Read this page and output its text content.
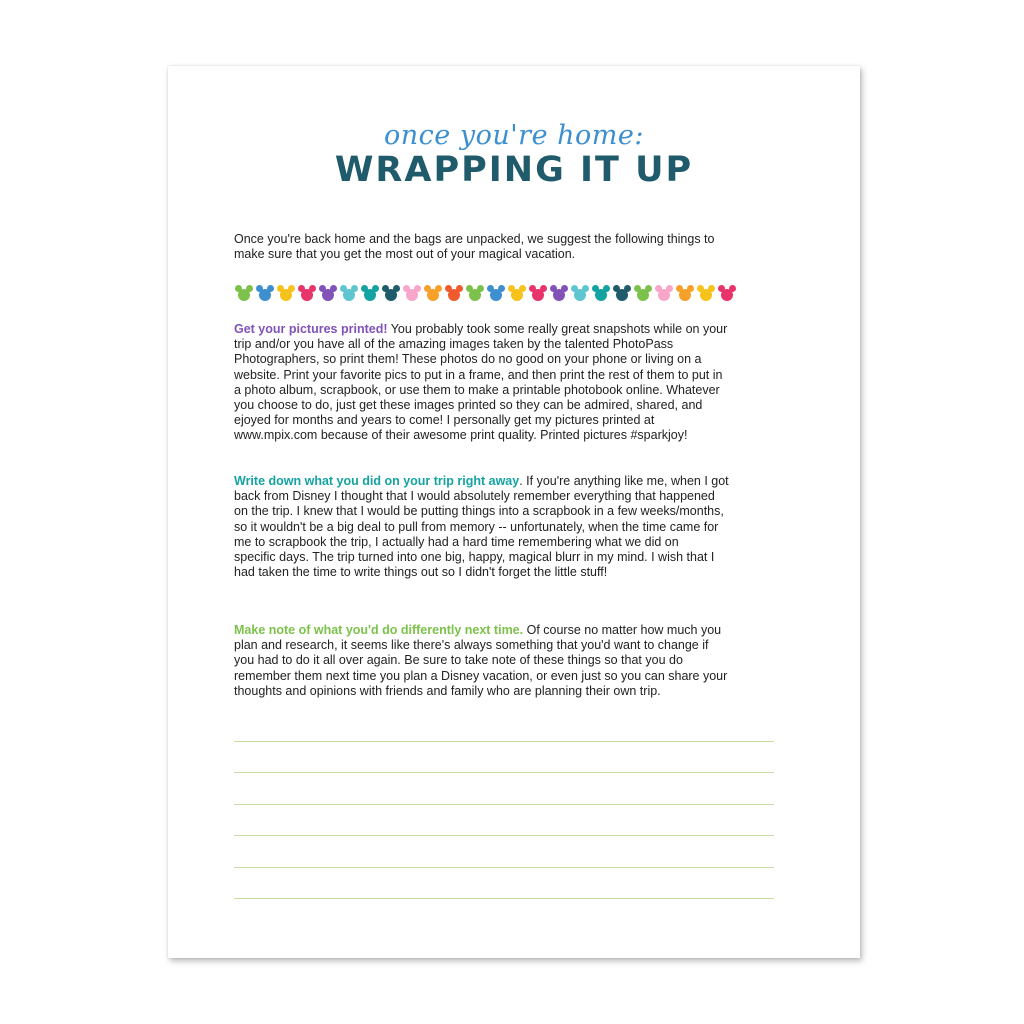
once you're home:
WRAPPING IT UP
Once you're back home and the bags are unpacked, we suggest the following things to
make sure that you get the most out of your magical vacation.
Get your pictures printed! You probably took some really great snapshots while on your
trip and/or you have all of the amazing images taken by the talented PhotoPass
Photographers, so print them! These photos do no good on your phone or living on a
website. Print your favorite pics to put in a frame, and then print the rest of them to put in
a photo album, scrapbook, or use them to make a printable photobook online. Whatever
you choose to do, just get these images printed so they can be admired, shared, and
ejoyed for months and years to come! I personally get my pictures printed at
www.mpix.com because of their awesome print quality. Printed pictures #sparkjoy!
Write down what you did on your trip right away. If you're anything like me, when I got
back from Disney I thought that I would absolutely remember everything that happened
on the trip. I knew that I would be putting things into a scrapbook in a few weeks/months,
so it wouldn't be a big deal to pull from memory -- unfortunately, when the time came for
me to scrapbook the trip, I actually had a hard time remembering what we did on
specific days. The trip turned into one big, happy, magical blurr in my mind. I wish that I
had taken the time to write things out so I didn't forget the little stuff!
Make note of what you'd do differently next time. Of course no matter how much you
plan and research, it seems like there's always something that you'd want to change if
you had to do it all over again. Be sure to take note of these things so that you do
remember them next time you plan a Disney vacation, or even just so you can share your
thoughts and opinions with friends and family who are planning their own trip.
